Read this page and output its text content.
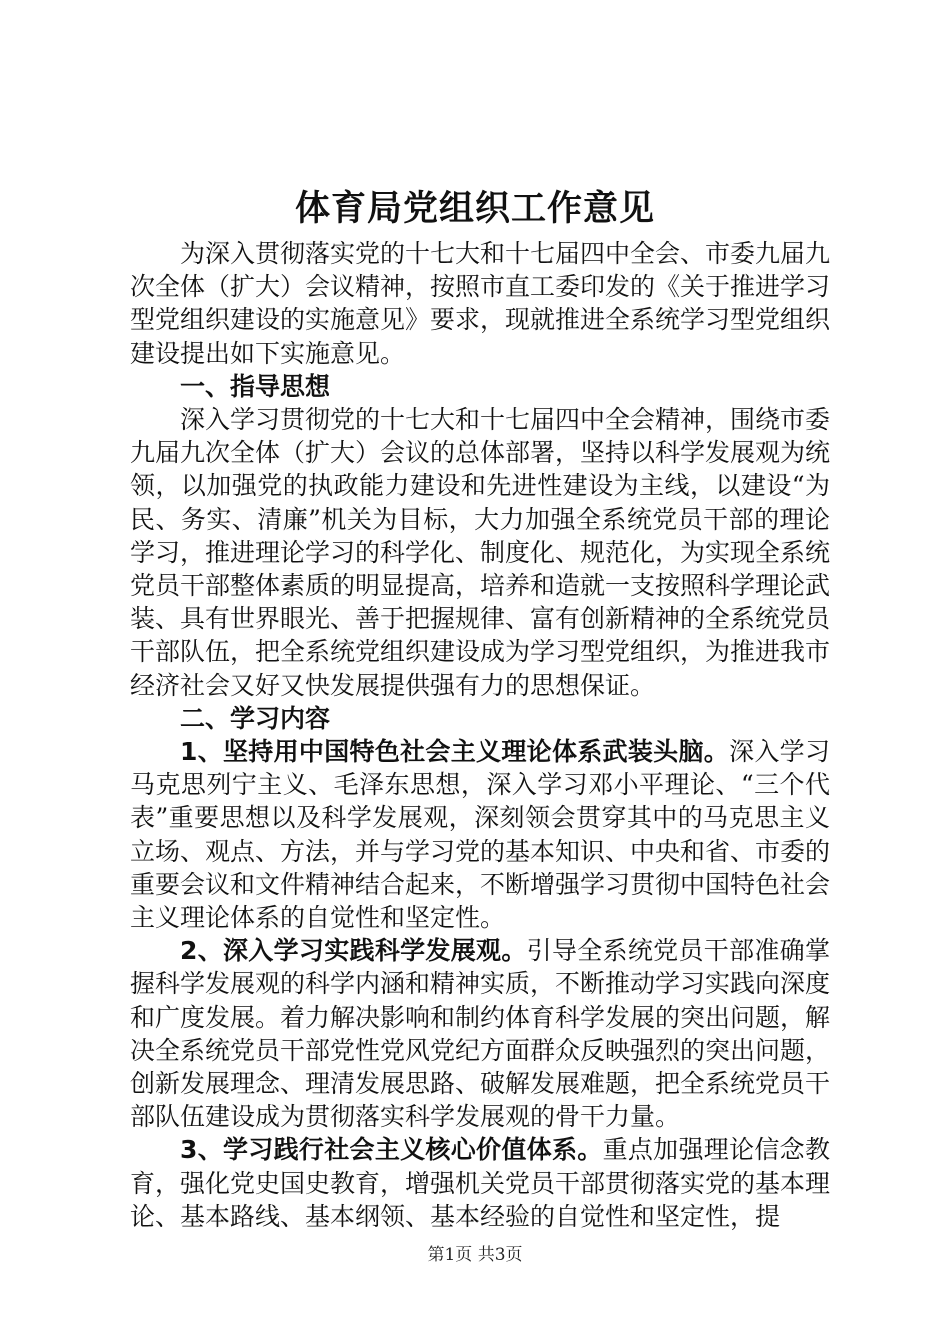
体育局党组织工作意见

为深入贯彻落实党的十七大和十七届四中全会、市委九届九次全体（扩大）会议精神，按照市直工委印发的《关于推进学习型党组织建设的实施意见》要求，现就推进全系统学习型党组织建设提出如下实施意见。

一、指导思想

深入学习贯彻党的十七大和十七届四中全会精神，围绕市委九届九次全体（扩大）会议的总体部署，坚持以科学发展观为统领，以加强党的执政能力建设和先进性建设为主线，以建设“为民、务实、清廉”机关为目标，大力加强全系统党员干部的理论学习，推进理论学习的科学化、制度化、规范化，为实现全系统党员干部整体素质的明显提高，培养和造就一支按照科学理论武装、具有世界眼光、善于把握规律、富有创新精神的全系统党员干部队伍，把全系统党组织建设成为学习型党组织，为推进我市经济社会又好又快发展提供强有力的思想保证。

二、学习内容

1、坚持用中国特色社会主义理论体系武装头脑。深入学习马克思列宁主义、毛泽东思想，深入学习邓小平理论、“三个代表”重要思想以及科学发展观，深刻领会贯穿其中的马克思主义立场、观点、方法，并与学习党的基本知识、中央和省、市委的重要会议和文件精神结合起来，不断增强学习贯彻中国特色社会主义理论体系的自觉性和坚定性。

2、深入学习实践科学发展观。引导全系统党员干部准确掌握科学发展观的科学内涵和精神实质，不断推动学习实践向深度和广度发展。着力解决影响和制约体育科学发展的突出问题，解决全系统党员干部党性党风党纪方面群众反映强烈的突出问题，创新发展理念、理清发展思路、破解发展难题，把全系统党员干部队伍建设成为贯彻落实科学发展观的骨干力量。

3、学习践行社会主义核心价值体系。重点加强理论信念教育，强化党史国史教育，增强机关党员干部贯彻落实党的基本理论、基本路线、基本纲领、基本经验的自觉性和坚定性，提

第1页 共3页
